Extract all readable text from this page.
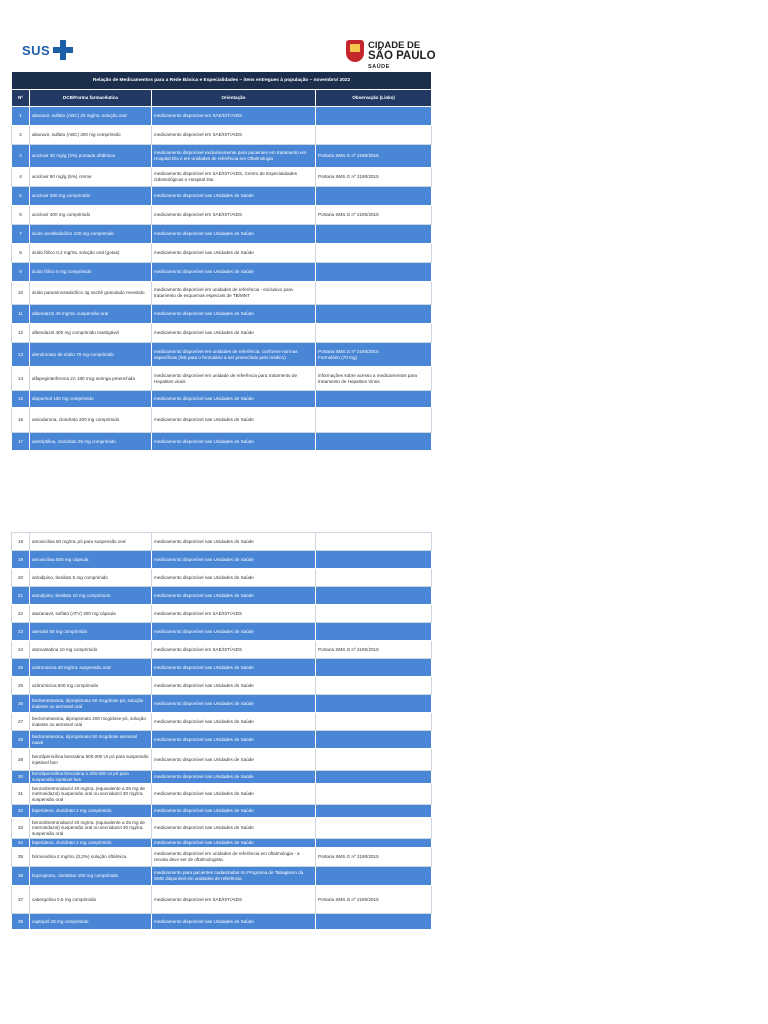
SUS	CIDADE DE
SÃO PAULO
SAÚDE
Relação de Medicamentos para a Rede Básica e Especialidades – itens entregues à população – novembro/ 2022			
Nº	DCB/Forma farmacêutica	Orientação	Observação (Links)
1	abacavir, sulfato (ABC) 20 mg/mL solução oral	medicamento disponível em SAE/IST/AIDS	
2	abacavir, sulfato (ABC) 300 mg comprimido	medicamento disponível em SAE/IST/AIDS	
3	aciclovir 30 mg/g (3%) pomada oftálmica	medicamento disponível exclusivamente para pacientes em tratamento em Hospital Dia e em unidades de referência em Oftalmologia	Portaria SMS.G nº 2190/2015
4	aciclovir 50 mg/g (5%) creme	medicamento disponível em SAE/IST/AIDS, Centro de Especialidades Odontológicas e Hospital Dia	Portaria SMS.G nº 2190/2015
5	aciclovir 200 mg comprimido	medicamento disponível nas Unidades de Saúde	
6	aciclovir 400 mg comprimido	medicamento disponível em SAE/IST/AIDS	Portaria SMS.G nº 2190/2015
7	ácido acetilsalicílico 100 mg comprimido	medicamento disponível nas Unidades de Saúde	
8	ácido fólico 0,2 mg/mL solução oral (gotas)	medicamento disponível nas Unidades de Saúde	
9	ácido fólico 5 mg comprimido	medicamento disponível nas Unidades de Saúde	
10	ácido paraminossalicílico 4g sachê granulado revestido	medicamento disponível em unidades de referência - exclusivo para tratamento de esquemas especiais de TB/MNT	
11	albendazol 40 mg/mL suspensão oral	medicamento disponível nas Unidades de Saúde	
12	albendazol 400 mg comprimido mastigável	medicamento disponível nas Unidades de Saúde	
13	alendronato de sódio 70 mg comprimido	medicamento disponível em unidades de referência, conforme normas específicas (link para o formulário a ser preenchido pelo médico)	Portaria SMS.G nº 2190/2015
Formulário (70 mg)
14	alfapeginterferona 2A 180 mcg seringa preenchida	medicamento disponível em unidade de referência para tratamento de Hepatites virais	informações sobre acesso a medicamentos para tratamento de Hepatites Virais
15	alopurinol 100 mg comprimido	medicamento disponível nas Unidades de Saúde	
16	amiodarona, cloridrato 200 mg comprimido	medicamento disponível nas Unidades de Saúde	
17	amitriptilina, cloridrato 25 mg comprimido	medicamento disponível nas Unidades de Saúde	
18	amoxicilina 50 mg/mL pó para suspensão oral	medicamento disponível nas Unidades de Saúde	
19	amoxicilina 500 mg cápsula	medicamento disponível nas Unidades de Saúde	
20	anlodipino, besilato 5 mg comprimido	medicamento disponível nas Unidades de Saúde	
21	anlodipino, besilato 10 mg comprimido	medicamento disponível nas Unidades de Saúde	
22	atazanavir, sulfato (ATV) 300 mg cápsula	medicamento disponível em SAE/IST/AIDS	
23	atenolol 50 mg comprimido	medicamento disponível nas Unidades de Saúde	
24	atorvastatina 10 mg comprimido	medicamento disponível em SAE/IST/AIDS	Portaria SMS.G nº 2190/2015
25	azitromicina 40 mg/mL suspensão oral	medicamento disponível nas Unidades de Saúde	
25	azitromicina 500 mg comprimido	medicamento disponível nas Unidades de Saúde	
25	beclometasona, dipropionato 50 mcg/dose pó, solução inalante ou aerossol oral	medicamento disponível nas Unidades de Saúde	
27	beclometasona, dipropionato 200 mcg/dose pó, solução inalante ou aerossol oral	medicamento disponível nas Unidades de Saúde	
28	beclometasona, dipropionato 50 mcg/dose aerossol nasal	medicamento disponível nas Unidades de Saúde	
29	benzilpenicilina benzatina 600.000 UI pó para suspensão injetável fam	medicamento disponível nas Unidades de Saúde	
30	benzilpenicilina benzatina 1.200.000 UI pó para suspensão injetável fam	medicamento disponível nas Unidades de Saúde	
31	benzoilmetronidazol 40 mg/mL (equivalente a 25 mg de metronidazol) suspensão oral ou secnidazol 30 mg/mL suspensão oral	medicamento disponível nas Unidades de Saúde	
32	biperideno, cloridrato 2 mg comprimido	medicamento disponível nas Unidades de Saúde	
33	benzoilmetronidazol 40 mg/mL (equivalente a 25 mg de metronidazol) suspensão oral ou secnidazol 30 mg/mL suspensão oral	medicamento disponível nas Unidades de Saúde	
34	biperideno, cloridrato 2 mg comprimido	medicamento disponível nas Unidades de Saúde	
35	brimonidina 2 mg/mL (0,2%) solução oftálmica	medicamento disponível em unidades de referência em oftalmologia - a receita deve ser de oftalmologista	Portaria SMS.G nº 2190/2015
36	bupropiona, cloridrato 150 mg comprimido	medicamento para pacientes cadastrados no Programa de Tabagismo da SMS disponível em unidades de referência	
37	cabergolina 0,5 mg comprimido	medicamento disponível em SAE/IST/AIDS	Portaria SMS.G nº 2190/2015
38	captopril 25 mg comprimido	medicamento disponível nas Unidades de Saúde	
